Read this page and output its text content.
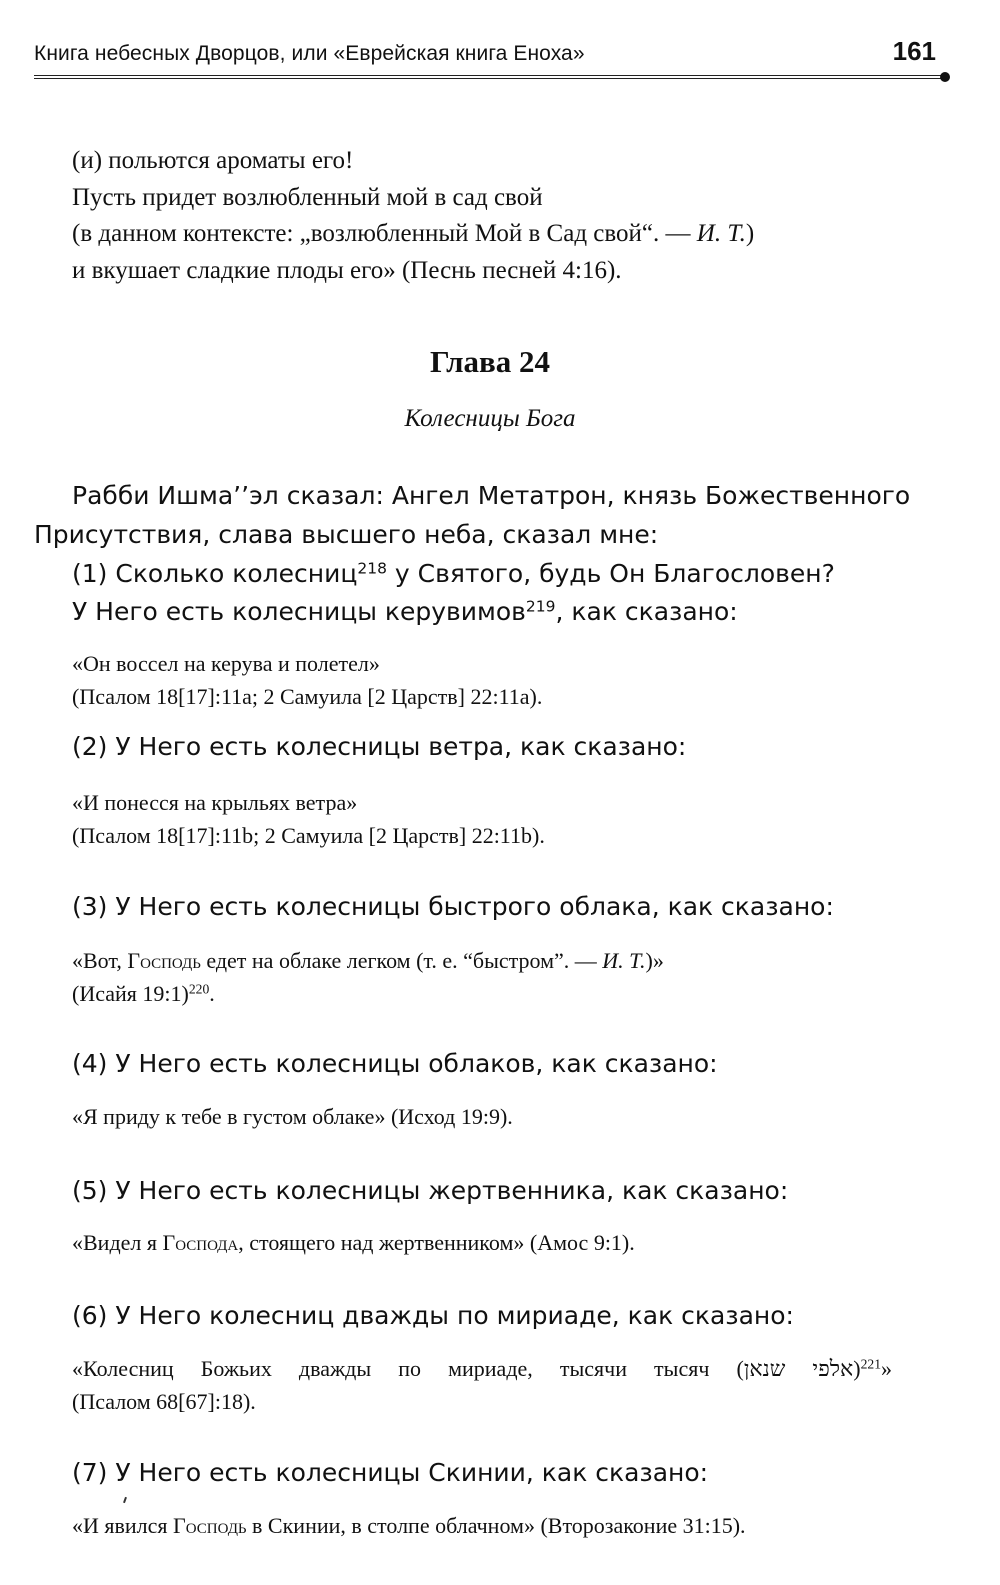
Книга небесных Дворцов, или «Еврейская книга Еноха»	161
(и) польются ароматы его!
Пусть придет возлюбленный мой в сад свой
(в данном контексте: „возлюбленный Мой в Сад свой“. — И. Т.)
и вкушает сладкие плоды его» (Песнь песней 4:16).
Глава 24
Колесницы Бога
Рабби Ишма’’эл сказал: Ангел Метатрон, князь Божественного
Присутствия, слава высшего неба, сказал мне:
(1) Сколько колесниц$^{218}$ у Святого, будь Он Благословен?
У Него есть колесницы керувимов$^{219}$, как сказано:
«Он воссел на керува и полетел»
(Псалом 18[17]:11a; 2 Самуила [2 Царств] 22:11a).
(2) У Него есть колесницы ветра, как сказано:
«И понесся на крыльях ветра»
(Псалом 18[17]:11b; 2 Самуила [2 Царств] 22:11b).
(3) У Него есть колесницы быстрого облака, как сказано:
«Вот, Господь едет на облаке легком (т. е. “быстром”. — И. Т.)»
(Исайя 19:1)$^{220}$.
(4) У Него есть колесницы облаков, как сказано:
«Я приду к тебе в густом облаке» (Исход 19:9).
(5) У Него есть колесницы жертвенника, как сказано:
«Видел я Господа, стоящего над жертвенником» (Амос 9:1).
(6) У Него колесниц дважды по мириаде, как сказано:
«Колесниц Божьих дважды по мириаде, тысячи тысяч (אלפי שנאן)$^{221}$»
(Псалом 68[67]:18).
(7) У Него есть колесницы Скинии, как сказано:
«И явился Господь в Скинии, в столпе облачном» (Второзаконие 31:15).
